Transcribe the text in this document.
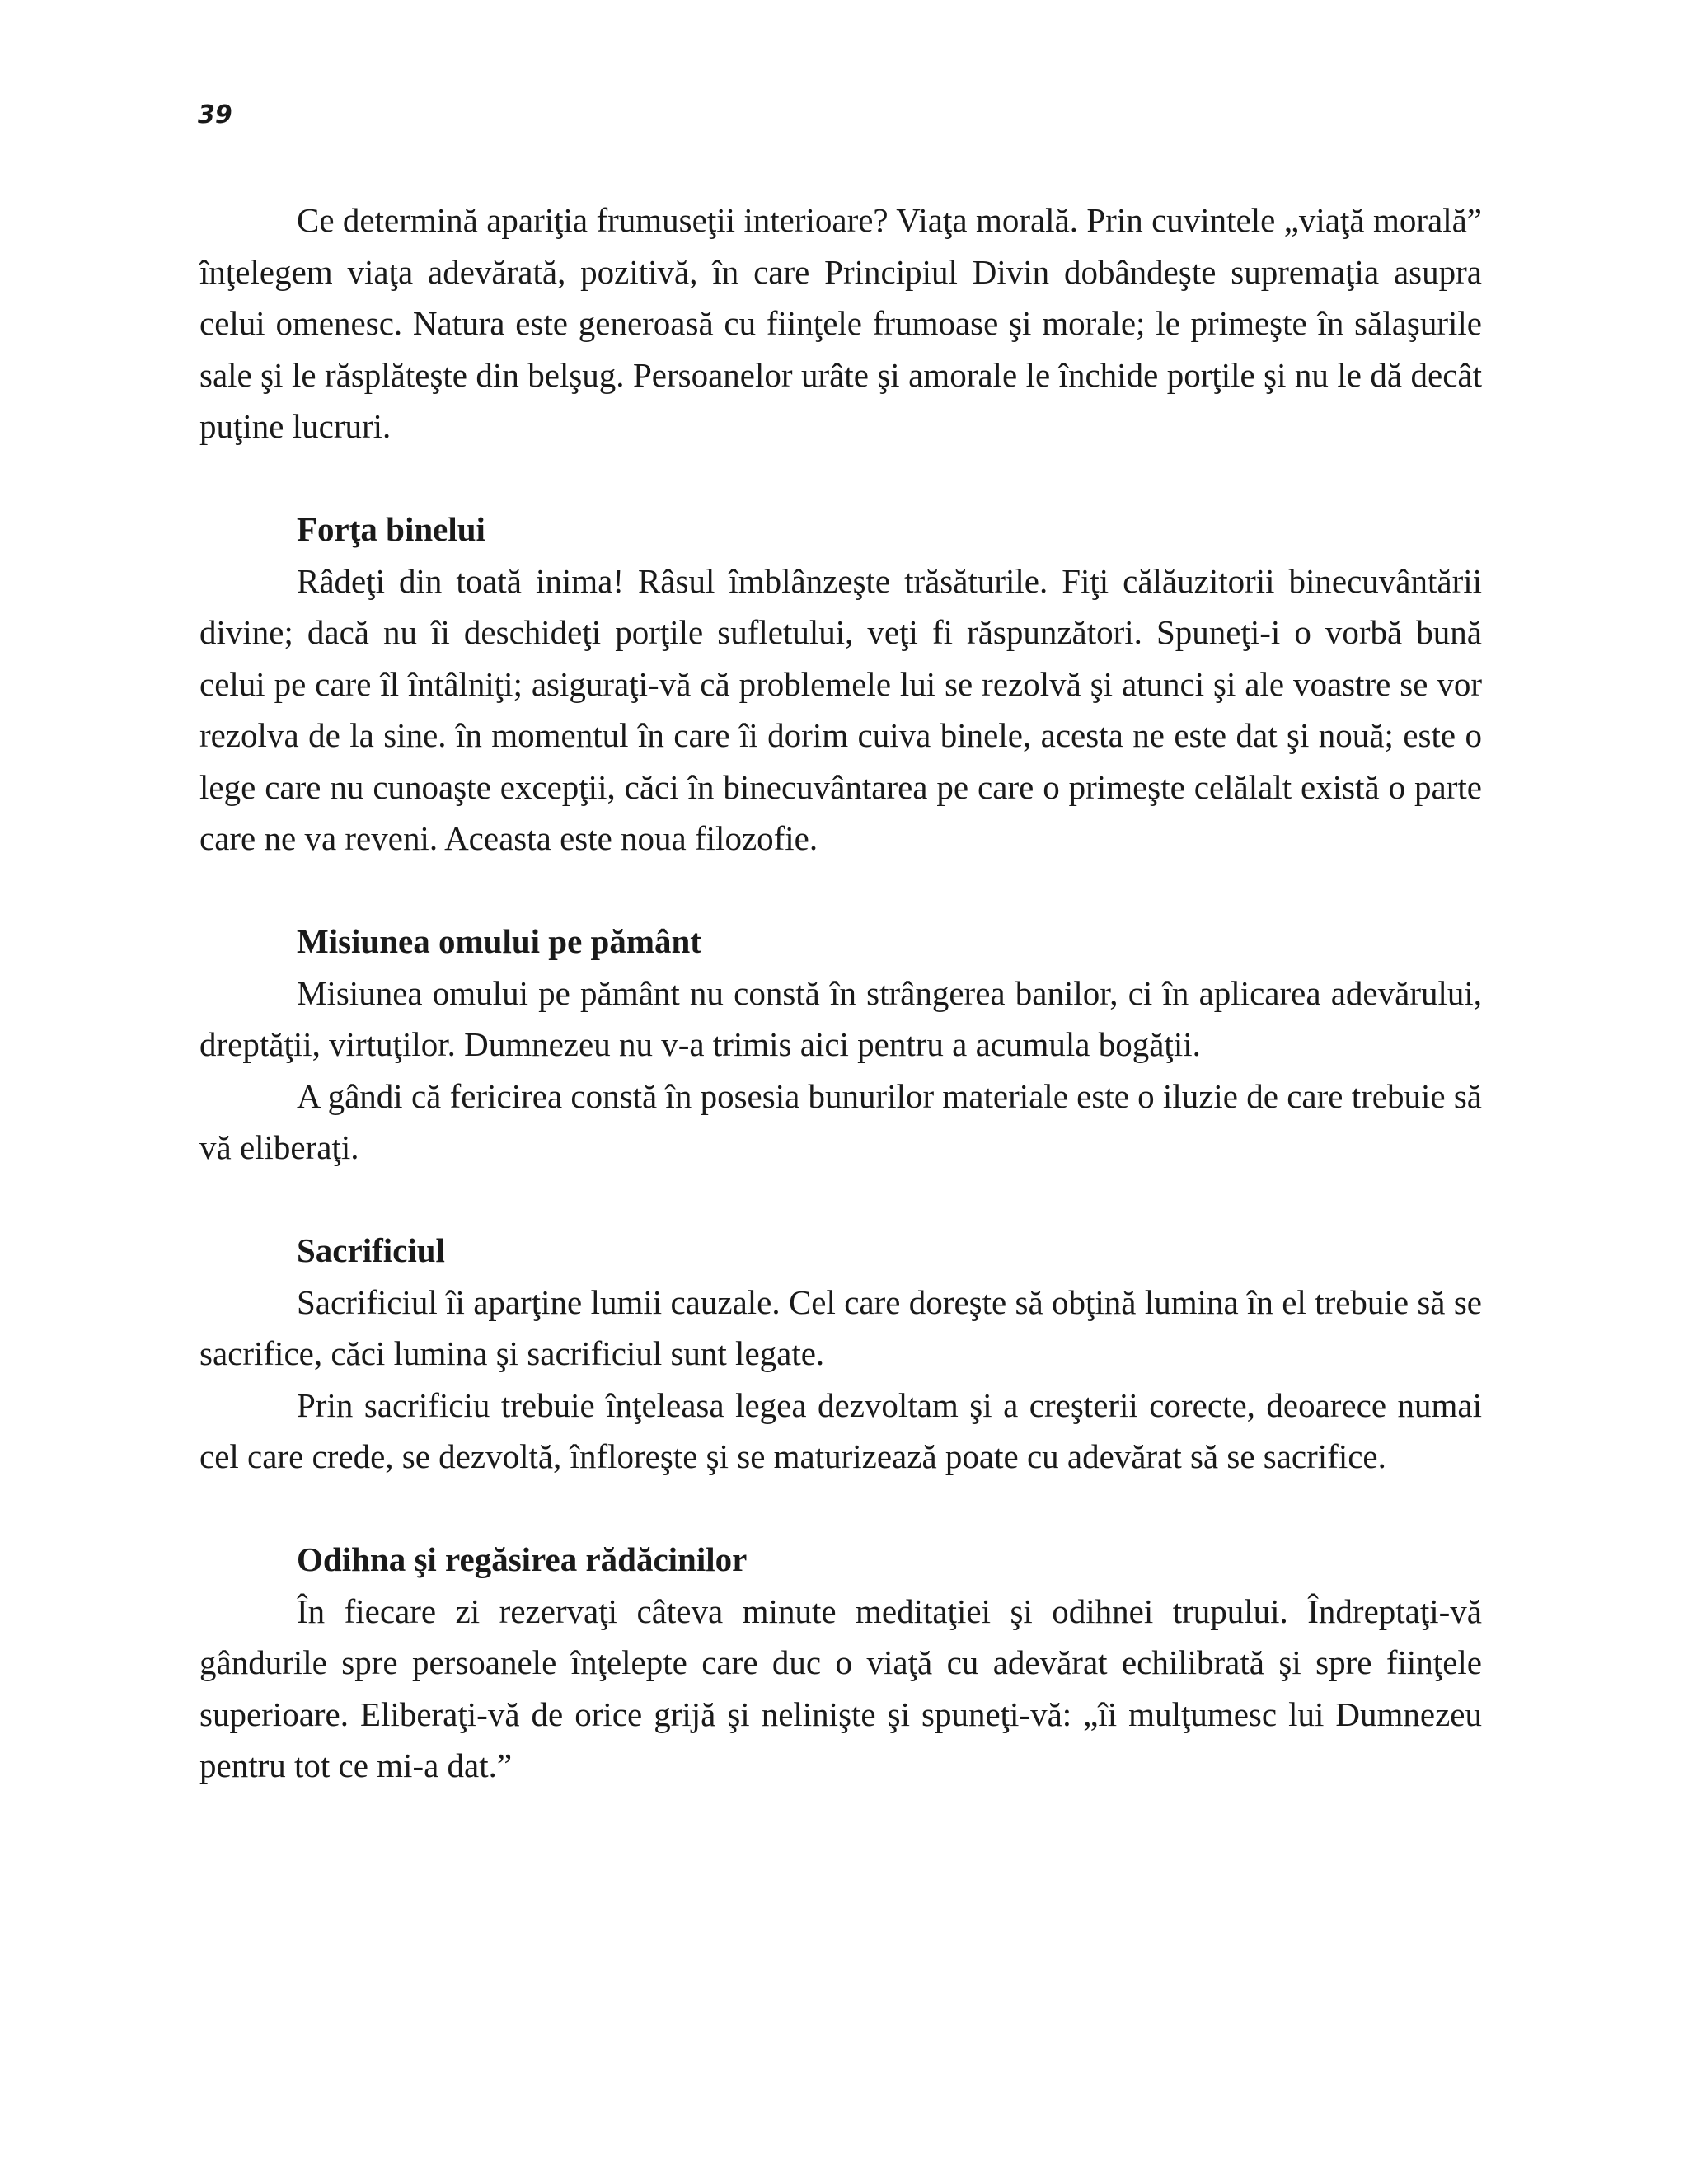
39

Ce determină apariţia frumuseţii interioare? Viaţa morală. Prin cuvintele „viaţă morală” înţelegem viaţa adevărată, pozitivă, în care Principiul Divin dobândeşte supremaţia asupra celui omenesc. Natura este generoasă cu fiinţele frumoase şi morale; le primeşte în sălaşurile sale şi le răsplăteşte din belşug. Persoanelor urâte şi amorale le închide porţile şi nu le dă decât puţine lucruri.

Forţa binelui

Râdeţi din toată inima! Râsul îmblânzeşte trăsăturile. Fiţi călăuzitorii binecuvântării divine; dacă nu îi deschideţi porţile sufletului, veţi fi răspunzători. Spuneţi-i o vorbă bună celui pe care îl întâlniţi; asiguraţi-vă că problemele lui se rezolvă şi atunci şi ale voastre se vor rezolva de la sine. în momentul în care îi dorim cuiva binele, acesta ne este dat şi nouă; este o lege care nu cunoaşte excepţii, căci în binecuvântarea pe care o primeşte celălalt există o parte care ne va reveni. Aceasta este noua filozofie.

Misiunea omului pe pământ

Misiunea omului pe pământ nu constă în strângerea banilor, ci în aplicarea adevărului, dreptăţii, virtuţilor. Dumnezeu nu v-a trimis aici pentru a acumula bogăţii.

A gândi că fericirea constă în posesia bunurilor materiale este o iluzie de care trebuie să vă eliberaţi.

Sacrificiul

Sacrificiul îi aparţine lumii cauzale. Cel care doreşte să obţină lumina în el trebuie să se sacrifice, căci lumina şi sacrificiul sunt legate.

Prin sacrificiu trebuie înţeleasa legea dezvoltam şi a creşterii corecte, deoarece numai cel care crede, se dezvoltă, înfloreşte şi se maturizează poate cu adevărat să se sacrifice.

Odihna şi regăsirea rădăcinilor

În fiecare zi rezervaţi câteva minute meditaţiei şi odihnei trupului. Îndreptaţi-vă gândurile spre persoanele înţelepte care duc o viaţă cu adevărat echilibrată şi spre fiinţele superioare. Eliberaţi-vă de orice grijă şi nelinişte şi spuneţi-vă: „îi mulţumesc lui Dumnezeu pentru tot ce mi-a dat.”
